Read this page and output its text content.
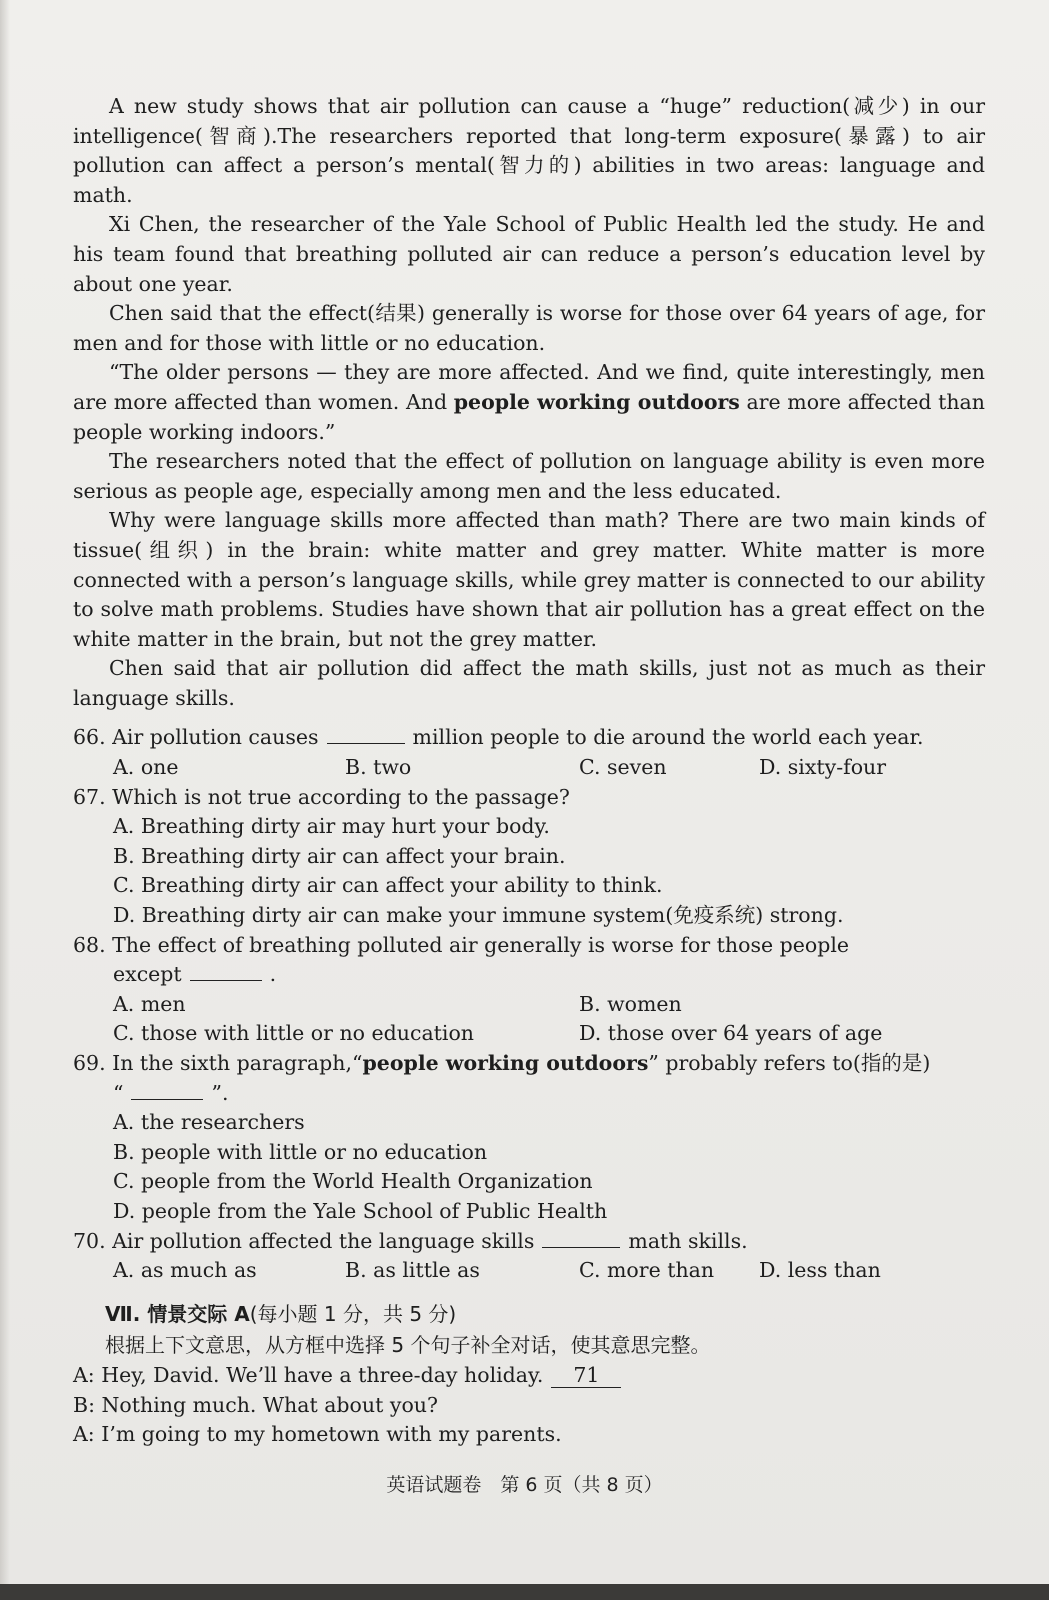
A new study shows that air pollution can cause a “huge” reduction(减少) in our intelligence(智商).The researchers reported that long-term exposure(暴露) to air pollution can affect a person’s mental(智力的) abilities in two areas: language and math.

Xi Chen, the researcher of the Yale School of Public Health led the study. He and his team found that breathing polluted air can reduce a person’s education level by about one year.

Chen said that the effect(结果) generally is worse for those over 64 years of age, for men and for those with little or no education.

“The older persons — they are more affected. And we find, quite interestingly, men are more affected than women. And people working outdoors are more affected than people working indoors.”

The researchers noted that the effect of pollution on language ability is even more serious as people age, especially among men and the less educated.

Why were language skills more affected than math? There are two main kinds of tissue(组织) in the brain: white matter and grey matter. White matter is more connected with a person’s language skills, while grey matter is connected to our ability to solve math problems. Studies have shown that air pollution has a great effect on the white matter in the brain, but not the grey matter.

Chen said that air pollution did affect the math skills, just not as much as their language skills.

66. Air pollution causes	million people to die around the world each year.

A. one	B. two	C. seven	D. sixty-four

67. Which is not true according to the passage?

A. Breathing dirty air may hurt your body.

B. Breathing dirty air can affect your brain.

C. Breathing dirty air can affect your ability to think.

D. Breathing dirty air can make your immune system(免疫系统) strong.

68. The effect of breathing polluted air generally is worse for those people

except	.

A. men	B. women
C. those with little or no education	D. those over 64 years of age

69. In the sixth paragraph,“people working outdoors” probably refers to(指的是)

“	”.

A. the researchers

B. people with little or no education

C. people from the World Health Organization

D. people from the Yale School of Public Health

70. Air pollution affected the language skills	math skills.

A. as much as	B. as little as	C. more than	D. less than

Ⅶ. 情景交际 A(每小题 1 分，共 5 分)

根据上下文意思，从方框中选择 5 个句子补全对话，使其意思完整。

A: Hey, David. We’ll have a three-day holiday. 71

B: Nothing much. What about you?

A: I’m going to my hometown with my parents.

英语试题卷　第 6 页（共 8 页）
